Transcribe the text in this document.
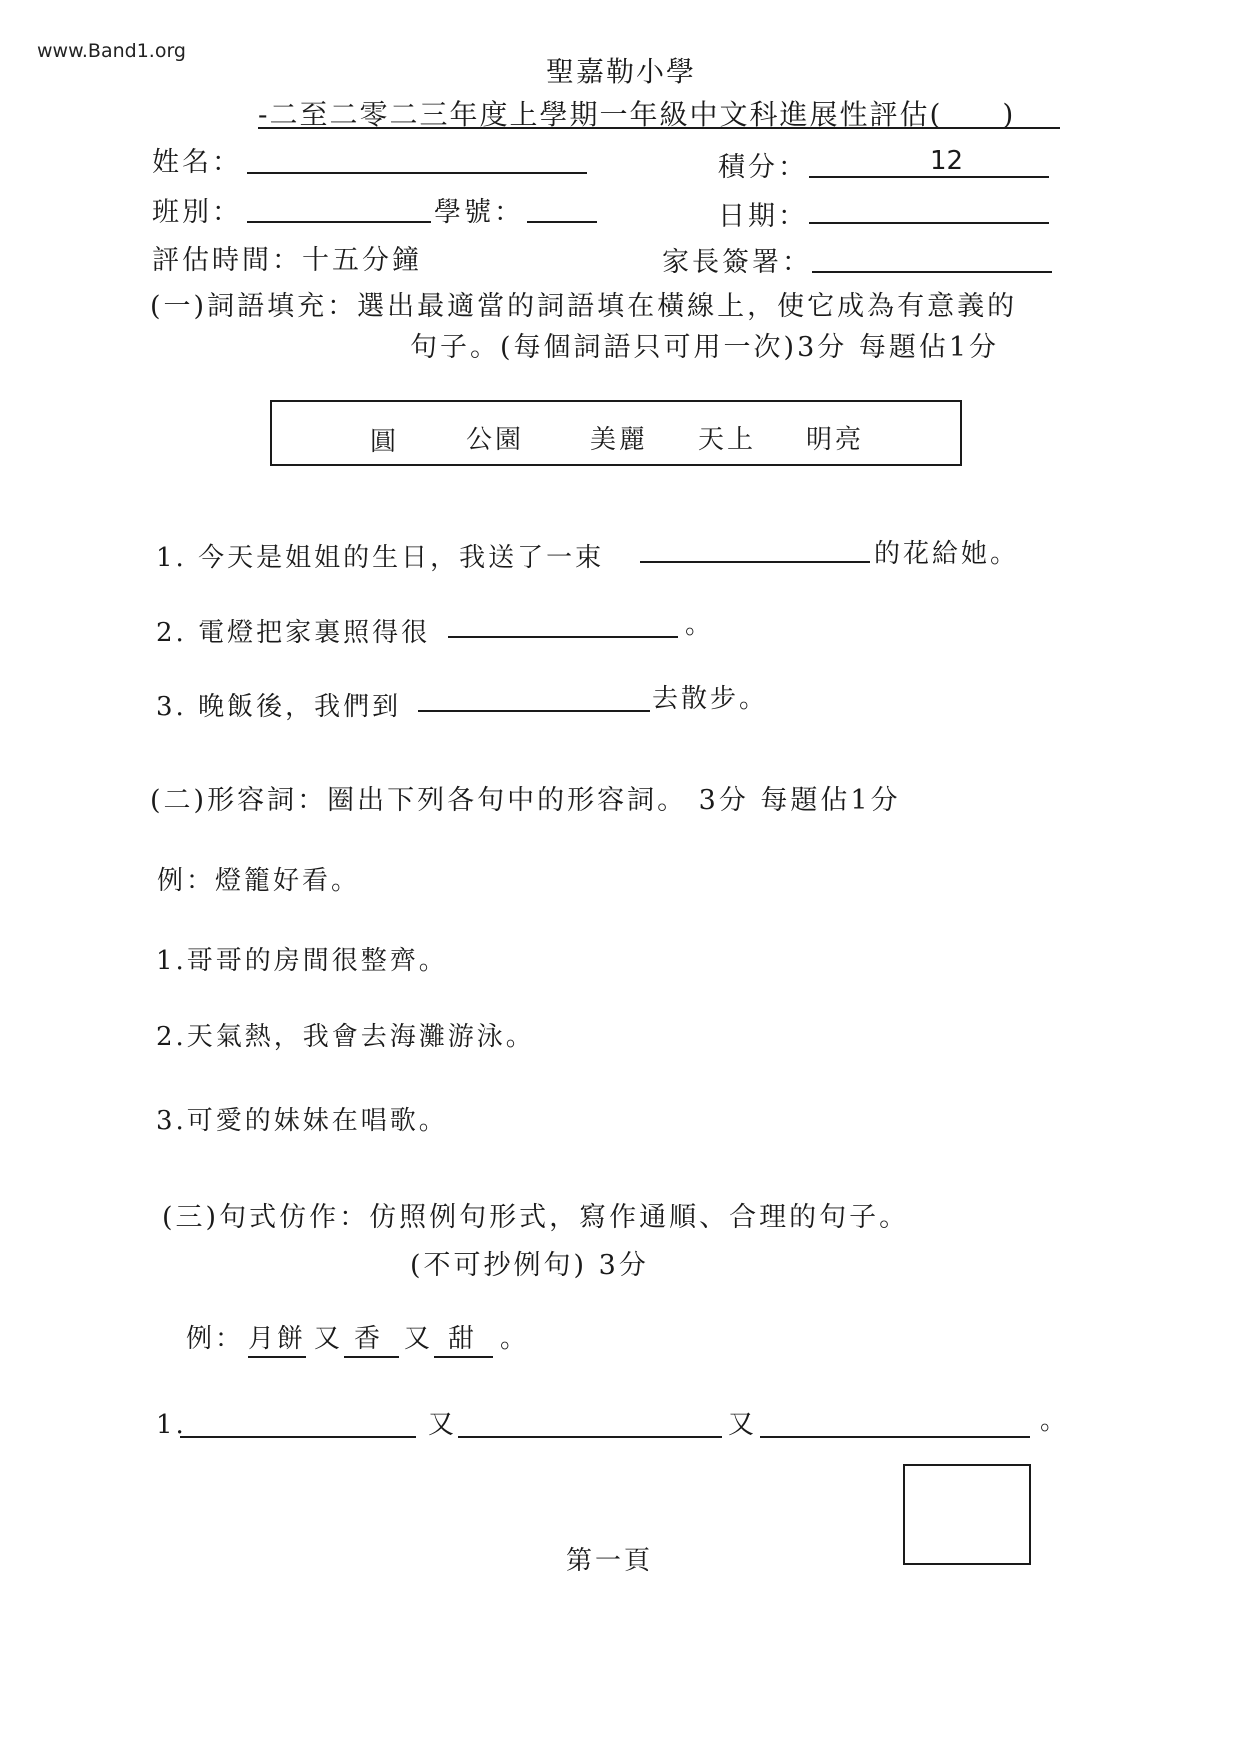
www.Band1.org
聖嘉勒小學
-二至二零二三年度上學期一年級中文科進展性評估(　　)
姓名：	積分：	12
班別：	學號：	日期：
評估時間：十五分鐘	家長簽署：
(一)詞語填充：選出最適當的詞語填在橫線上，使它成為有意義的
句子。(每個詞語只可用一次)3分 每題佔1分
圓	公園	美麗 天上 明亮
1. 今天是姐姐的生日，我送了一束	的花給她。
2. 電燈把家裏照得很	。
3. 晚飯後，我們到	去散步。
(二)形容詞：圈出下列各句中的形容詞。 3分 每題佔1分
例：燈籠好看。
1.哥哥的房間很整齊。
2.天氣熱，我會去海灘游泳。
3.可愛的妹妹在唱歌。
(三)句式仿作：仿照例句形式，寫作通順、合理的句子。
(不可抄例句) 3分
例： 月餅 又 香 又 甜 。
1.	又	又	。
第一頁
